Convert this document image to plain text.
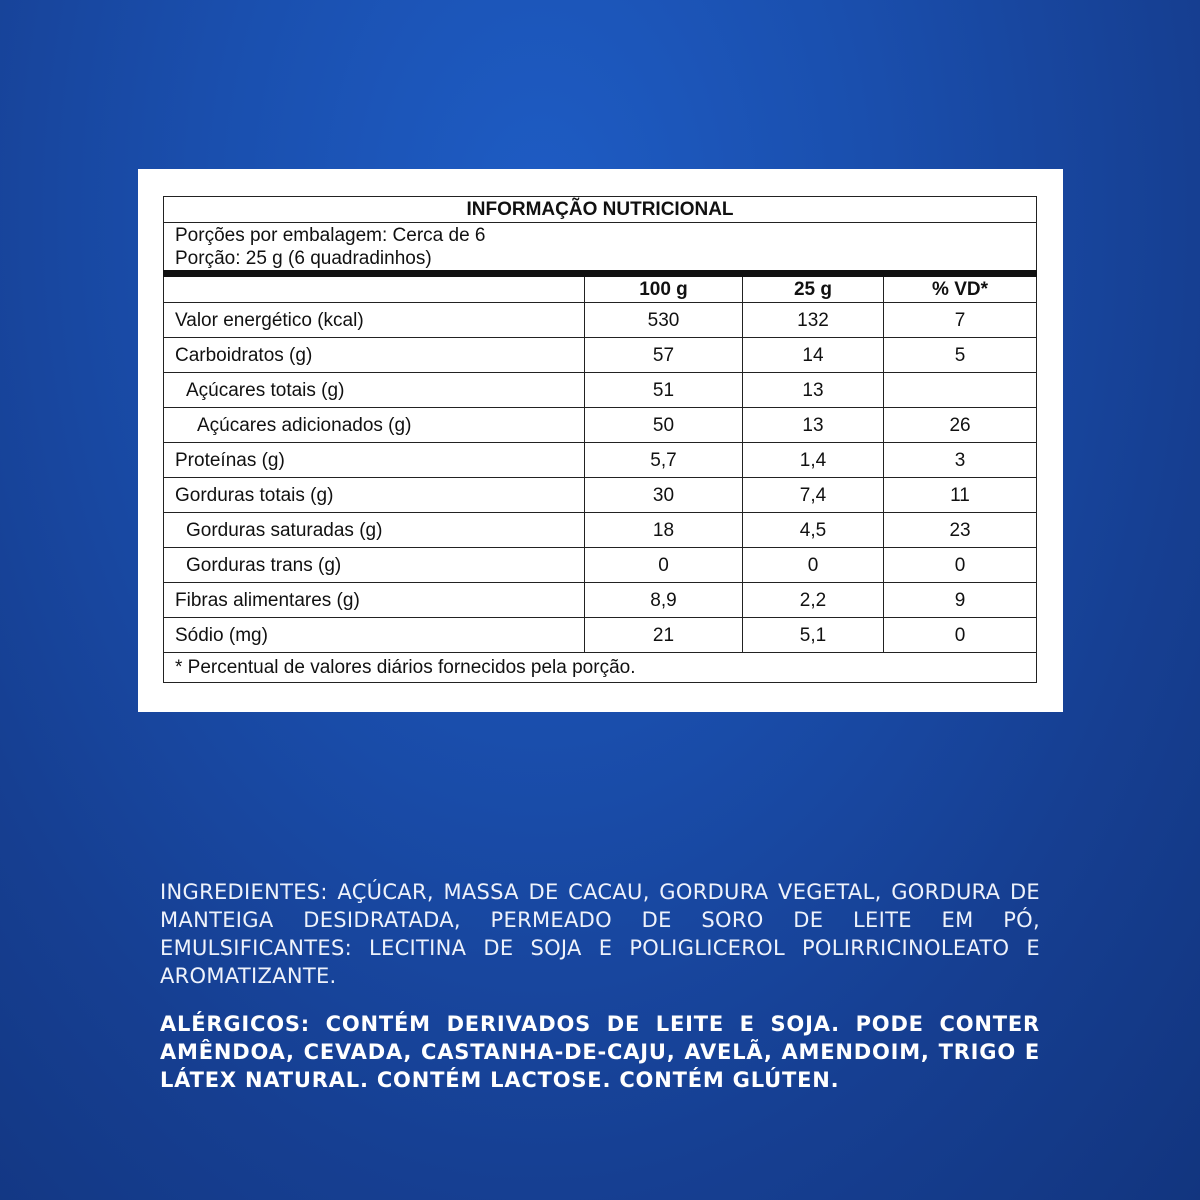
INFORMAÇÃO NUTRICIONAL			

Porções por embalagem: Cerca de 6
Porção: 25 g (6 quadradinhos)			

	100 g	25 g	% VD*
Valor energético (kcal)	530	132	7
Carboidratos (g)	57	14	5
Açúcares totais (g)	51	13	
Açúcares adicionados (g)	50	13	26
Proteínas (g)	5,7	1,4	3
Gorduras totais (g)	30	7,4	11
Gorduras saturadas (g)	18	4,5	23
Gorduras trans (g)	0	0	0
Fibras alimentares (g)	8,9	2,2	9
Sódio (mg)	21	5,1	0
* Percentual de valores diários fornecidos pela porção.			
INGREDIENTES: AÇÚCAR, MASSA DE CACAU, GORDURA VEGETAL, GORDURA DE MANTEIGA DESIDRATADA, PERMEADO DE SORO DE LEITE EM PÓ, EMULSIFICANTES: LECITINA DE SOJA E POLIGLICEROL POLIRRICINOLEATO E AROMATIZANTE.
ALÉRGICOS: CONTÉM DERIVADOS DE LEITE E SOJA. PODE CONTER AMÊNDOA, CEVADA, CASTANHA-DE-CAJU, AVELÃ, AMENDOIM, TRIGO E LÁTEX NATURAL. CONTÉM LACTOSE. CONTÉM GLÚTEN.
